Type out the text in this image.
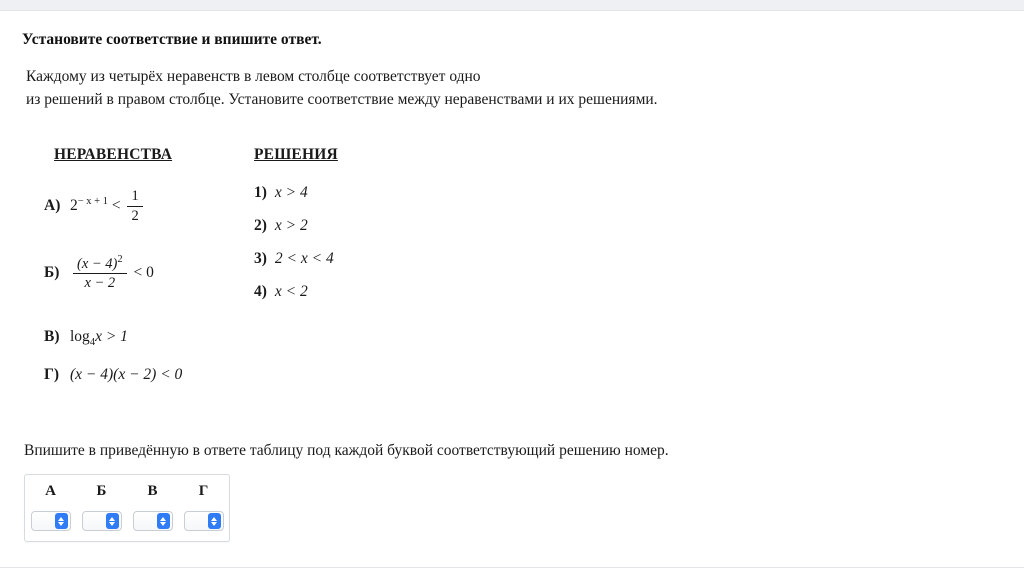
Установите соответствие и впишите ответ.
Каждому из четырёх неравенств в левом столбце соответствует одно
из решений в правом столбце. Установите соответствие между неравенствами и их решениями.
НЕРАВЕНСТВА	РЕШЕНИЯ
А) $2^{- x + 1} < \frac{1}{2}$
$Б) \frac{(x - 4)^2}{x - 2} < 0$
В) $\log_4x > 1$
Г) (x − 4)(x − 2) < 0
1) x > 4
2) x > 2
3) 2 < x < 4
4) x < 2
Впишите в приведённую в ответе таблицу под каждой буквой соответствующий решению номер.
А	Б	В	Г
